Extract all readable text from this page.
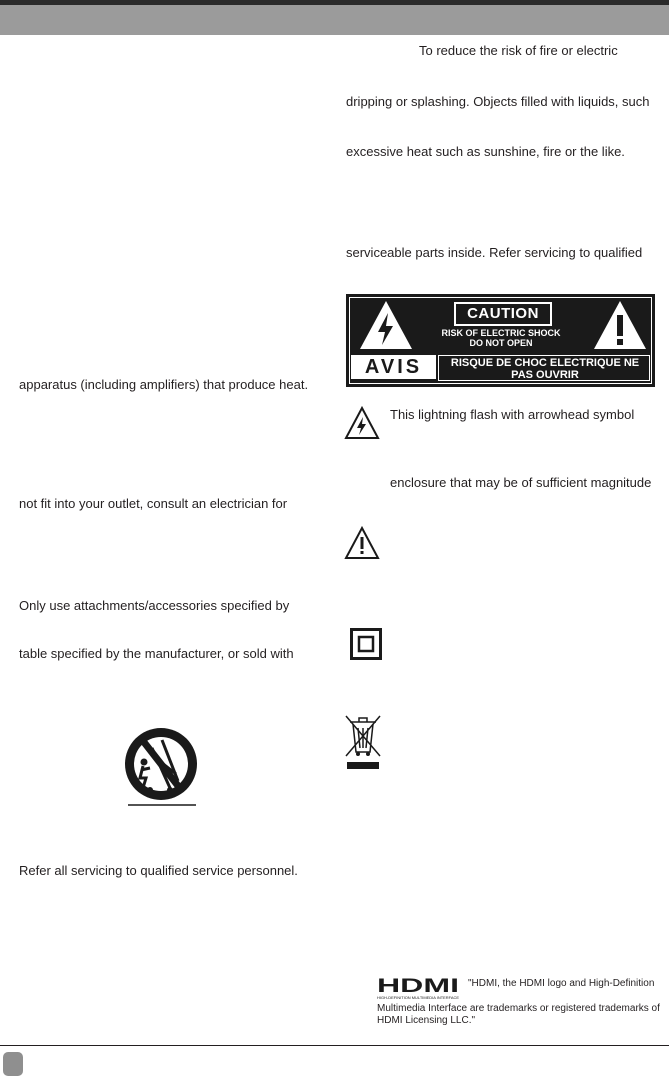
apparatus (including amplifiers) that produce heat.
not fit into your outlet, consult an electrician for
Only use attachments/accessories specified by
table specified by the manufacturer, or sold with
Refer all servicing to qualified service personnel.
To reduce the risk of fire or electric
dripping or splashing. Objects filled with liquids, such
excessive heat such as sunshine, fire or the like.
serviceable parts inside. Refer servicing to qualified
CAUTION
RISK OF ELECTRIC SHOCK
DO NOT OPEN
AVIS	RISQUE DE CHOC ELECTRIQUE NE
PAS OUVRIR
This lightning flash with arrowhead symbol
enclosure that may be of sufficient magnitude
HDMI
HIGH-DEFINITION MULTIMEDIA INTERFACE
"HDMI, the HDMI logo and High-Definition
Multimedia Interface are trademarks or registered trademarks of
HDMI Licensing LLC."
